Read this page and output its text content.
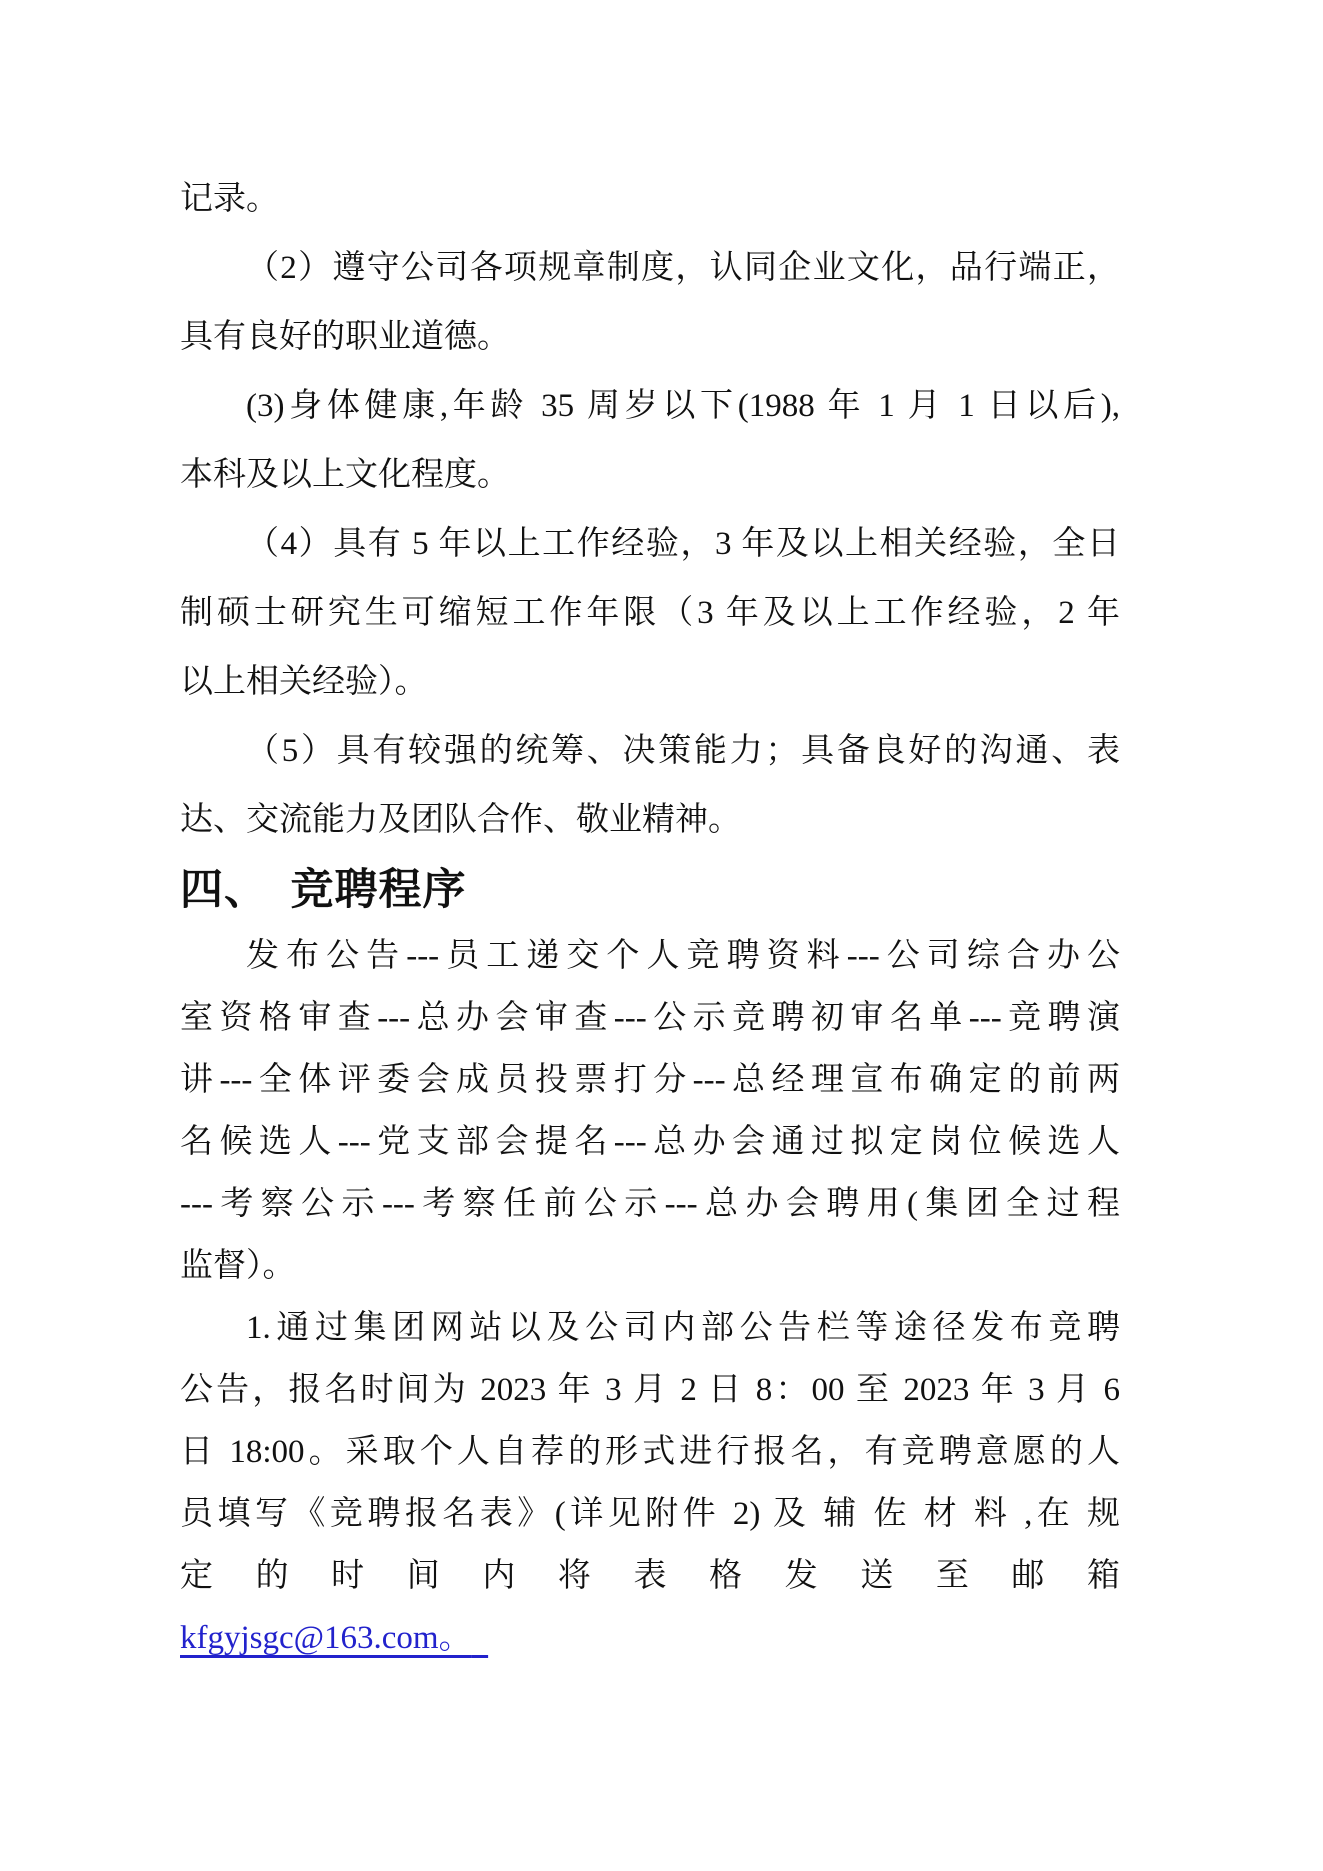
记录。
（2）遵守公司各项规章制度，认同企业文化，品行端正，
具有良好的职业道德。
(3)身体健康,年龄 35 周岁以下(1988 年 1 月 1 日以后),
本科及以上文化程度。
（4）具有 5 年以上工作经验，3 年及以上相关经验，全日
制硕士研究生可缩短工作年限（3 年及以上工作经验，2 年
以上相关经验）。
（5）具有较强的统筹、决策能力；具备良好的沟通、表
达、交流能力及团队合作、敬业精神。
四、　竞聘程序
发布公告---员工递交个人竞聘资料---公司综合办公
室资格审查---总办会审查---公示竞聘初审名单---竞聘演
讲---全体评委会成员投票打分---总经理宣布确定的前两
名候选人---党支部会提名---总办会通过拟定岗位候选人
---考察公示---考察任前公示---总办会聘用(集团全过程
监督）。
1.通过集团网站以及公司内部公告栏等途径发布竞聘
公告，报名时间为 2023 年 3 月 2 日 8：00 至 2023 年 3 月 6
日 18:00。采取个人自荐的形式进行报名，有竞聘意愿的人
员填写《竞聘报名表》(详见附件 2) 及 辅 佐 材 料 ,在 规
定 的 时 间 内 将 表 格 发 送 至 邮 箱
kfgyjsgc@163.com。
